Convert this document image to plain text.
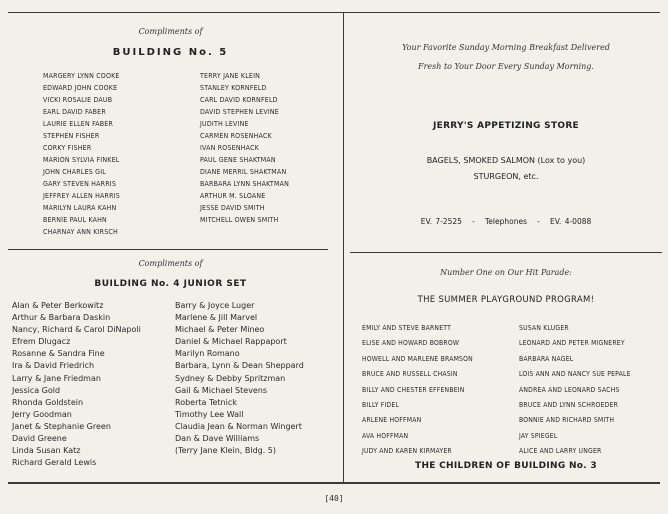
Compliments of
BUILDING No. 5
MARGERY LYNN COOKE
EDWARD JOHN COOKE
VICKI ROSALIE DAUB
EARL DAVID FABER
LAURIE ELLEN FABER
STEPHEN FISHER
CORKY FISHER
MARION SYLVIA FINKEL
JOHN CHARLES GIL
GARY STEVEN HARRIS
JEFFREY ALLEN HARRIS
MARILYN LAURA KAHN
BERNIE PAUL KAHN
CHARNAY ANN KIRSCH
TERRY JANE KLEIN
STANLEY KORNFELD
CARL DAVID KORNFELD
DAVID STEPHEN LEVINE
JUDITH LEVINE
CARMEN ROSENHACK
IVAN ROSENHACK
PAUL GENE SHAKTMAN
DIANE MERRIL SHAKTMAN
BARBARA LYNN SHAKTMAN
ARTHUR M. SLOANE
JESSE DAVID SMITH
MITCHELL OWEN SMITH
Compliments of
BUILDING No. 4 JUNIOR SET
Alan & Peter Berkowitz
Arthur & Barbara Daskin
Nancy, Richard & Carol DiNapoli
Efrem Dlugacz
Rosanne & Sandra Fine
Ira & David Friedrich
Larry & Jane Friedman
Jessica Gold
Rhonda Goldstein
Jerry Goodman
Janet & Stephanie Green
David Greene
Linda Susan Katz
Richard Gerald Lewis
Barry & Joyce Luger
Marlene & Jill Marvel
Michael & Peter Mineo
Daniel & Michael Rappaport
Marilyn Romano
Barbara, Lynn & Dean Sheppard
Sydney & Debby Spritzman
Gail & Michael Stevens
Roberta Tetnick
Timothy Lee Wall
Claudia Jean & Norman Wingert
Dan & Dave Williams
(Terry Jane Klein, Bldg. 5)
Your Favorite Sunday Morning Breakfast Delivered
Fresh to Your Door Every Sunday Morning.
JERRY'S APPETIZING STORE
BAGELS, SMOKED SALMON (Lox to you)
STURGEON, etc.
EV. 7-2525 - Telephones - EV. 4-0088
Number One on Our Hit Parade:
THE SUMMER PLAYGROUND PROGRAM!
EMILY AND STEVE BARNETT
ELISE AND HOWARD BOBROW
HOWELL AND MARLENE BRAMSON
BRUCE AND RUSSELL CHASIN
BILLY AND CHESTER EFFENBEIN
BILLY FIDEL
ARLENE HOFFMAN
AVA HOFFMAN
JUDY AND KAREN KIRMAYER
SUSAN KLUGER
LEONARD AND PETER MIGNEREY
BARBARA NAGEL
LOIS ANN AND NANCY SUE PEPALE
ANDREA AND LEONARD SACHS
BRUCE AND LYNN SCHROEDER
BONNIE AND RICHARD SMITH
JAY SPIEGEL
ALICE AND LARRY UNGER
THE CHILDREN OF BUILDING No. 3
[40]
